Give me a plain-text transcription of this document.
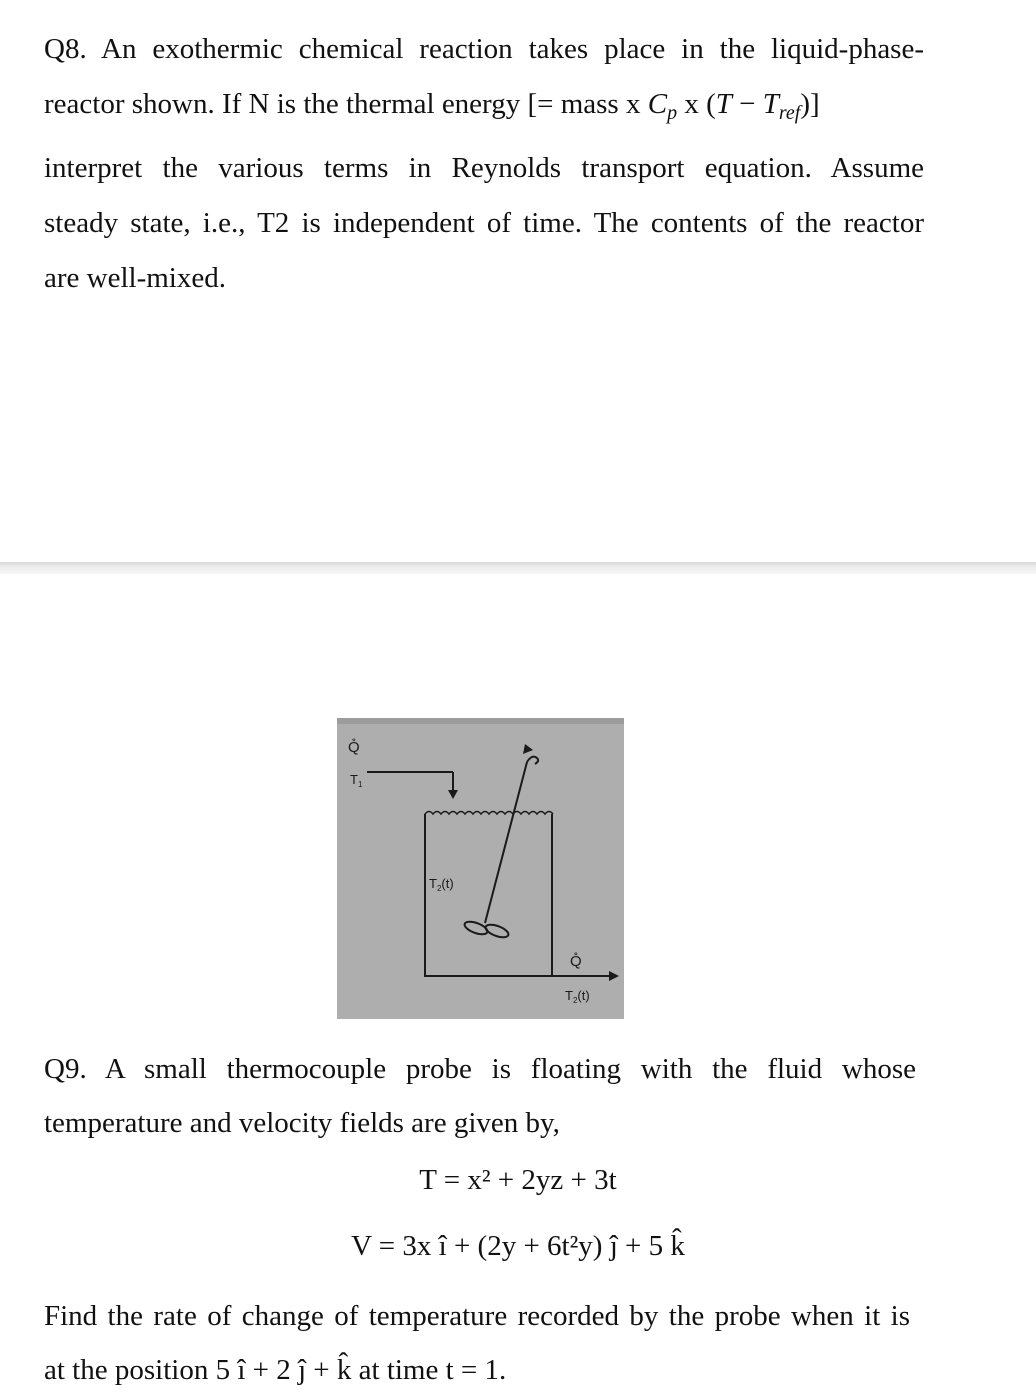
Q8. An exothermic chemical reaction takes place in the liquid-phase-
reactor shown. If N is the thermal energy [= mass x $C_p$ x $(T - T_{ref})$]
interpret the various terms in Reynolds transport equation. Assume
steady state, i.e., T2 is independent of time. The contents of the reactor
are well-mixed.
Q̊
$T_1$
$T_2(t)$
Q̊
$T_2(t)$
Q9. A small thermocouple probe is floating with the fluid whose
temperature and velocity fields are given by,
T = x² + 2yz + 3t
V = 3x î + (2y + 6t²y) ĵ + 5 k̂
Find the rate of change of temperature recorded by the probe when it is
at the position 5 î + 2 ĵ + k̂ at time t = 1.
